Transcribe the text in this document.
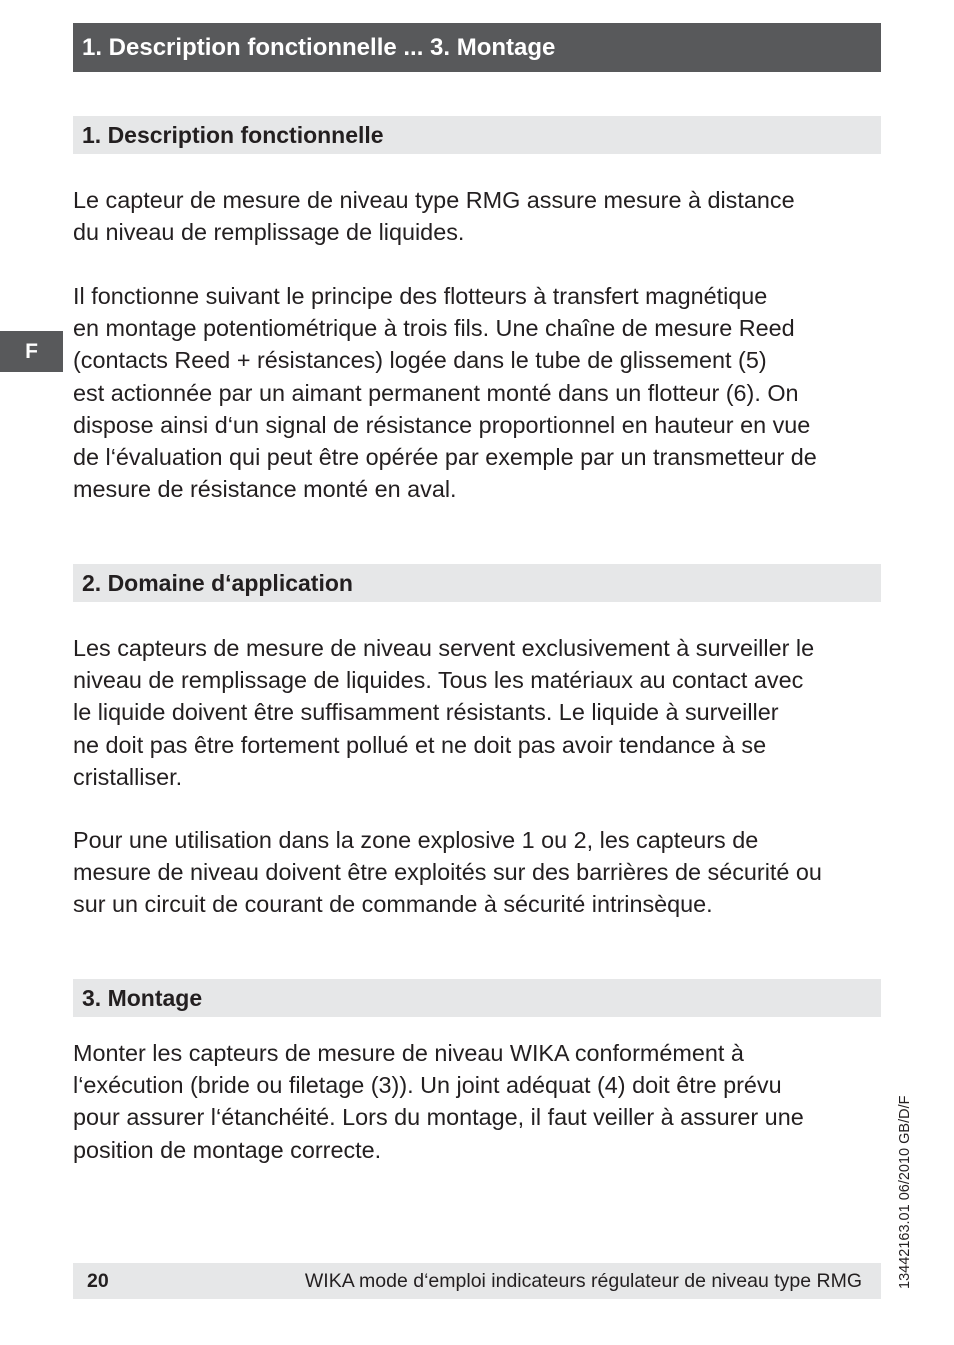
1. Description fonctionnelle ... 3. Montage
F
1. Description fonctionnelle

Le capteur de mesure de niveau type RMG assure mesure à distance
du niveau de remplissage de liquides.

Il fonctionne suivant le principe des flotteurs à transfert magnétique
en montage potentiométrique à trois fils. Une chaîne de mesure Reed
(contacts Reed + résistances) logée dans le tube de glissement (5)
est actionnée par un aimant permanent monté dans un flotteur (6). On
dispose ainsi d‘un signal de résistance proportionnel en hauteur en vue
de l‘évaluation qui peut être opérée par exemple par un transmetteur de
mesure de résistance monté en aval.

2. Domaine d‘application

Les capteurs de mesure de niveau servent exclusivement à surveiller le
niveau de remplissage de liquides. Tous les matériaux au contact avec
le liquide doivent être suffisamment résistants. Le liquide à surveiller
ne doit pas être fortement pollué et ne doit pas avoir tendance à se
cristalliser.

Pour une utilisation dans la zone explosive 1 ou 2, les capteurs de
mesure de niveau doivent être exploités sur des barrières de sécurité ou
sur un circuit de courant de commande à sécurité intrinsèque.

3. Montage

Monter les capteurs de mesure de niveau WIKA conformément à
l‘exécution (bride ou filetage (3)). Un joint adéquat (4) doit être prévu
pour assurer l‘étanchéité. Lors du montage, il faut veiller à assurer une
position de montage correcte.	13442163.01 06/2010 GB/D/F
20	WIKA mode d‘emploi indicateurs régulateur de niveau type RMG
